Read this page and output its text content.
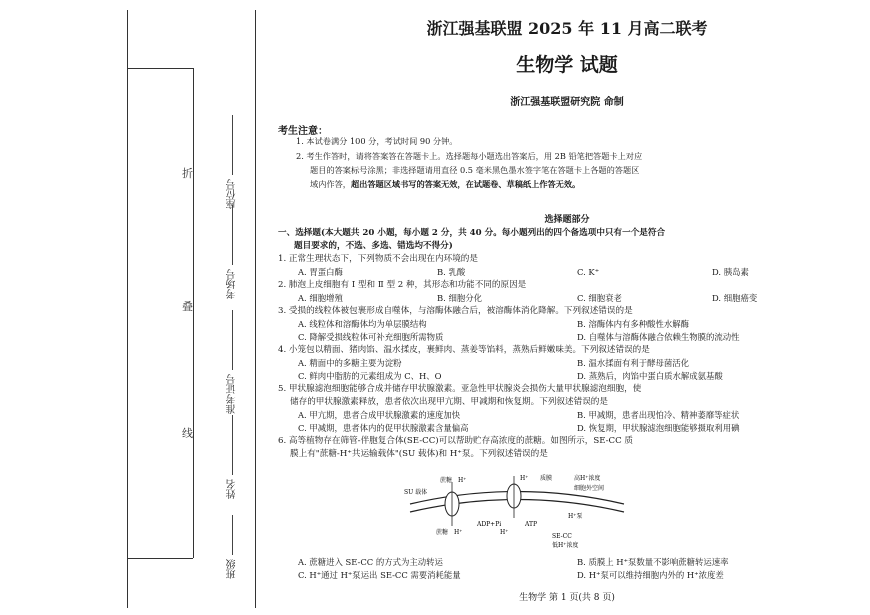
折
叠
线
座位号
考场号
准考证号
姓名
班级
浙江强基联盟 2025 年 11 月高二联考
生物学 试题
浙江强基联盟研究院 命制
考生注意：
1. 本试卷满分 100 分，考试时间 90 分钟。
2. 考生作答时，请将答案答在答题卡上。选择题每小题选出答案后，用 2B 铅笔把答题卡上对应
题目的答案标号涂黑；非选择题请用直径 0.5 毫米黑色墨水签字笔在答题卡上各题的答题区
域内作答，超出答题区域书写的答案无效，在试题卷、草稿纸上作答无效。
选择题部分
一、选择题(本大题共 20 小题，每小题 2 分，共 40 分。每小题列出的四个备选项中只有一个是符合
题目要求的，不选、多选、错选均不得分)
1. 正常生理状态下，下列物质不会出现在内环境的是
A. 胃蛋白酶	B. 乳酸	C. K⁺	D. 胰岛素
2. 肺泡上皮细胞有 Ⅰ 型和 Ⅱ 型 2 种，其形态和功能不同的原因是
A. 细胞增殖	B. 细胞分化	C. 细胞衰老	D. 细胞癌变
3. 受损的线粒体被包裹形成自噬体，与溶酶体融合后，被溶酶体消化降解。下列叙述错误的是
A. 线粒体和溶酶体均为单层膜结构	B. 溶酶体内有多种酸性水解酶
C. 降解受损线粒体可补充细胞所需物质	D. 自噬体与溶酶体融合依赖生物膜的流动性
4. 小笼包以精面、猪肉馅、温水揉皮，裹鲜肉、蒸姜等馅料，蒸熟后鲜嫩味美。下列叙述错误的是
A. 精面中的多糖主要为淀粉	B. 温水揉面有利于酵母菌活化
C. 鲜肉中脂肪的元素组成为 C、H、O	D. 蒸熟后，肉馅中蛋白质水解成氨基酸
5. 甲状腺滤泡细胞能够合成并储存甲状腺激素。亚急性甲状腺炎会损伤大量甲状腺滤泡细胞，使
储存的甲状腺激素释放，患者依次出现甲亢期、甲减期和恢复期。下列叙述错误的是
A. 甲亢期，患者合成甲状腺激素的速度加快	B. 甲减期，患者出现怕冷、精神萎靡等症状
C. 甲减期，患者体内的促甲状腺激素含量偏高	D. 恢复期，甲状腺滤泡细胞能够摄取利用碘
6. 高等植物存在筛管-伴胞复合体(SE-CC)可以帮助贮存高浓度的蔗糖。如图所示，SE-CC 质
膜上有"蔗糖-H⁺共运输载体"(SU 载体)和 H⁺泵。下列叙述错误的是
蔗糖 H⁺
SU 载体
H⁺ 质膜	高H⁺浓度
细胞外空间
H⁺泵
ADP+Pi	ATP
蔗糖 H⁺	H⁺
SE-CC
低H⁺浓度
A. 蔗糖进入 SE-CC 的方式为主动转运	B. 质膜上 H⁺泵数量不影响蔗糖转运速率
C. H⁺通过 H⁺泵运出 SE-CC 需要消耗能量	D. H⁺泵可以维持细胞内外的 H⁺浓度差
生物学 第 1 页(共 8 页)
